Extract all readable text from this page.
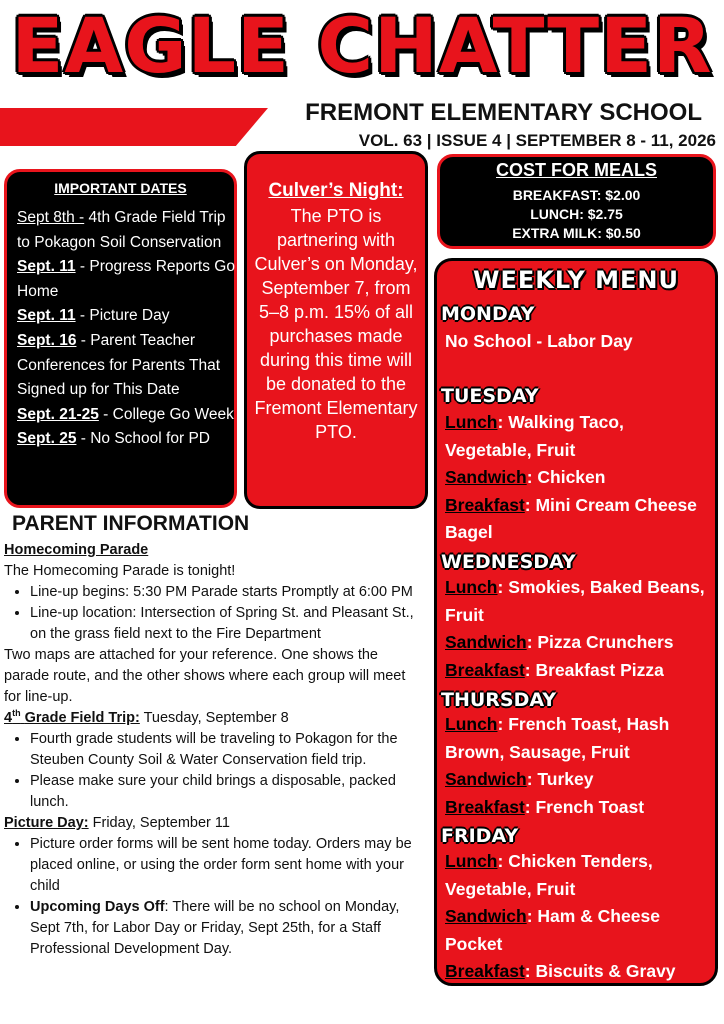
EAGLE CHATTER
FREMONT ELEMENTARY SCHOOL
VOL. 63 | ISSUE 4 | SEPTEMBER 8 - 11, 2026
IMPORTANT DATES
Sept 8th - 4th Grade Field Trip to Pokagon Soil Conservation
Sept. 11 - Progress Reports Go Home
Sept. 11 - Picture Day
Sept. 16 - Parent Teacher Conferences for Parents That Signed up for This Date
Sept. 21-25 - College Go Week
Sept. 25 - No School for PD
Culver’s Night:
The PTO is partnering with Culver’s on Monday, September 7, from 5–8 p.m. 15% of all purchases made during this time will be donated to the Fremont Elementary PTO.
COST FOR MEALS
BREAKFAST: $2.00
LUNCH: $2.75
EXTRA MILK: $0.50
WEEKLY MENU
MONDAY
No School - Labor Day
TUESDAY
Lunch: Walking Taco, Vegetable, Fruit
Sandwich: Chicken
Breakfast: Mini Cream Cheese Bagel
WEDNESDAY
Lunch: Smokies, Baked Beans, Fruit
Sandwich: Pizza Crunchers
Breakfast: Breakfast Pizza
THURSDAY
Lunch: French Toast, Hash Brown, Sausage, Fruit
Sandwich: Turkey
Breakfast: French Toast
FRIDAY
Lunch: Chicken Tenders, Vegetable, Fruit
Sandwich: Ham & Cheese Pocket
Breakfast: Biscuits & Gravy
PARENT INFORMATION

Homecoming Parade

The Homecoming Parade is tonight!

• Line-up begins: 5:30 PM Parade starts Promptly at 6:00 PM
• Line-up location: Intersection of Spring St. and Pleasant St., on the grass field next to the Fire Department

Two maps are attached for your reference. One shows the parade route, and the other shows where each group will meet for line-up.

4th Grade Field Trip: Tuesday, September 8

• Fourth grade students will be traveling to Pokagon for the Steuben County Soil & Water Conservation field trip.
• Please make sure your child brings a disposable, packed lunch.

Picture Day: Friday, September 11

• Picture order forms will be sent home today. Orders may be placed online, or using the order form sent home with your child
• Upcoming Days Off: There will be no school on Monday, Sept 7th, for Labor Day or Friday, Sept 25th, for a Staff Professional Development Day.
